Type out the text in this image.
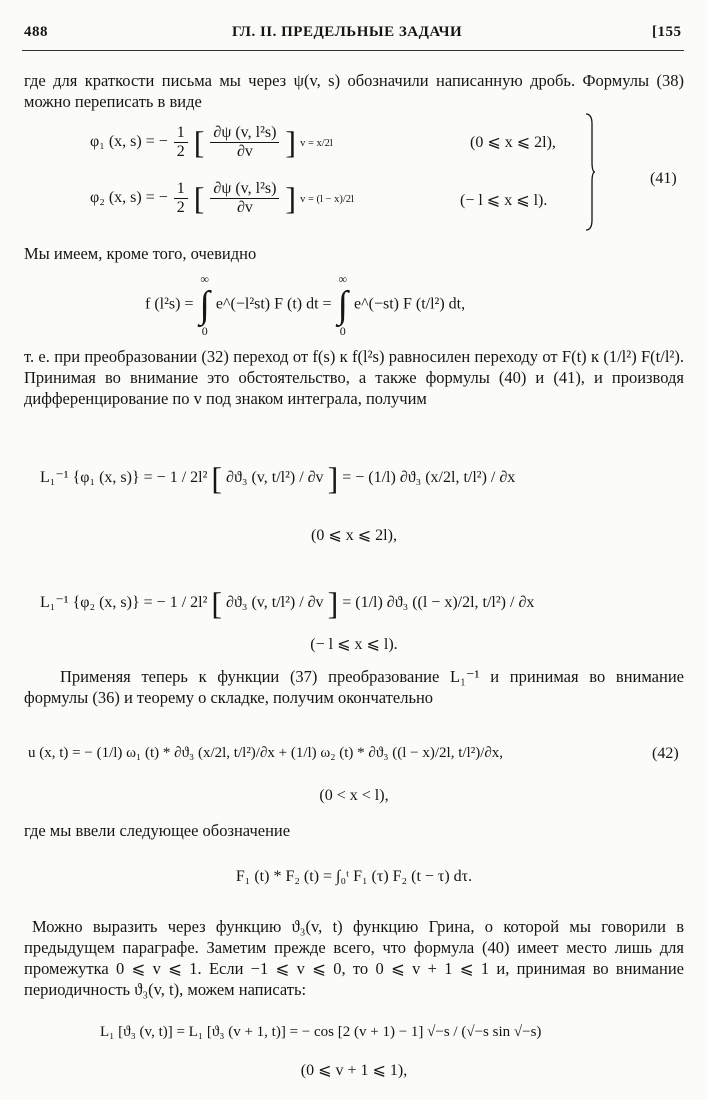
488	ГЛ. II. ПРЕДЕЛЬНЫЕ ЗАДАЧИ	[155
где для краткости письма мы через ψ(v, s) обозначили написанную дробь. Формулы (38) можно переписать в виде
φ₁ (x, s) = − $\frac{1}{2}$ [ $\frac{\text{∂ψ (v, l²s)}}{\partial v}$ ] v = x/2l	(0 ⩽ x ⩽ 2l),
φ₂ (x, s) = − $\frac{1}{2}$ [ $\frac{\text{∂ψ (v, l²s)}}{\partial v}$ ] v = (l − x)/2l	(− l ⩽ x ⩽ l).
(41)
Мы имеем, кроме того, очевидно
f (l²s) = ∞
∫
0 e^(−l²st) F (t) dt = ∞
∫
0 e^(−st) F (t/l²) dt,
т. е. при преобразовании (32) переход от f(s) к f(l²s) равносилен переходу от F(t) к (1/l²) F(t/l²). Принимая во внимание это обстоятельство, а также формулы (40) и (41), и производя дифференцирование по v под знаком интеграла, получим
L₁⁻¹ {φ₁ (x, s)} = − 1 / 2l² [ ∂ϑ₃ (v, t/l²) / ∂v ] = − (1/l) ∂ϑ₃ (x/2l, t/l²) / ∂x
(0 ⩽ x ⩽ 2l),
L₁⁻¹ {φ₂ (x, s)} = − 1 / 2l² [ ∂ϑ₃ (v, t/l²) / ∂v ] = (1/l) ∂ϑ₃ ((l − x)/2l, t/l²) / ∂x
(− l ⩽ x ⩽ l).
Применяя теперь к функции (37) преобразование L₁⁻¹ и принимая во внимание формулы (36) и теорему о складке, получим окончательно
u (x, t) = − (1/l) ω₁ (t) * ∂ϑ₃ (x/2l, t/l²)/∂x + (1/l) ω₂ (t) * ∂ϑ₃ ((l − x)/2l, t/l²)/∂x,	(42)
(0 < x < l),
где мы ввели следующее обозначение
F₁ (t) * F₂ (t) = ∫₀ᵗ F₁ (τ) F₂ (t − τ) dτ.
Можно выразить через функцию ϑ₃(v, t) функцию Грина, о которой мы говорили в предыдущем параграфе. Заметим прежде всего, что формула (40) имеет место лишь для промежутка 0 ⩽ v ⩽ 1. Если −1 ⩽ v ⩽ 0, то 0 ⩽ v + 1 ⩽ 1 и, принимая во внимание периодичность ϑ₃(v, t), можем написать:
L₁ [ϑ₃ (v, t)] = L₁ [ϑ₃ (v + 1, t)] = − cos [2 (v + 1) − 1] √−s / (√−s sin √−s)
(0 ⩽ v + 1 ⩽ 1),
